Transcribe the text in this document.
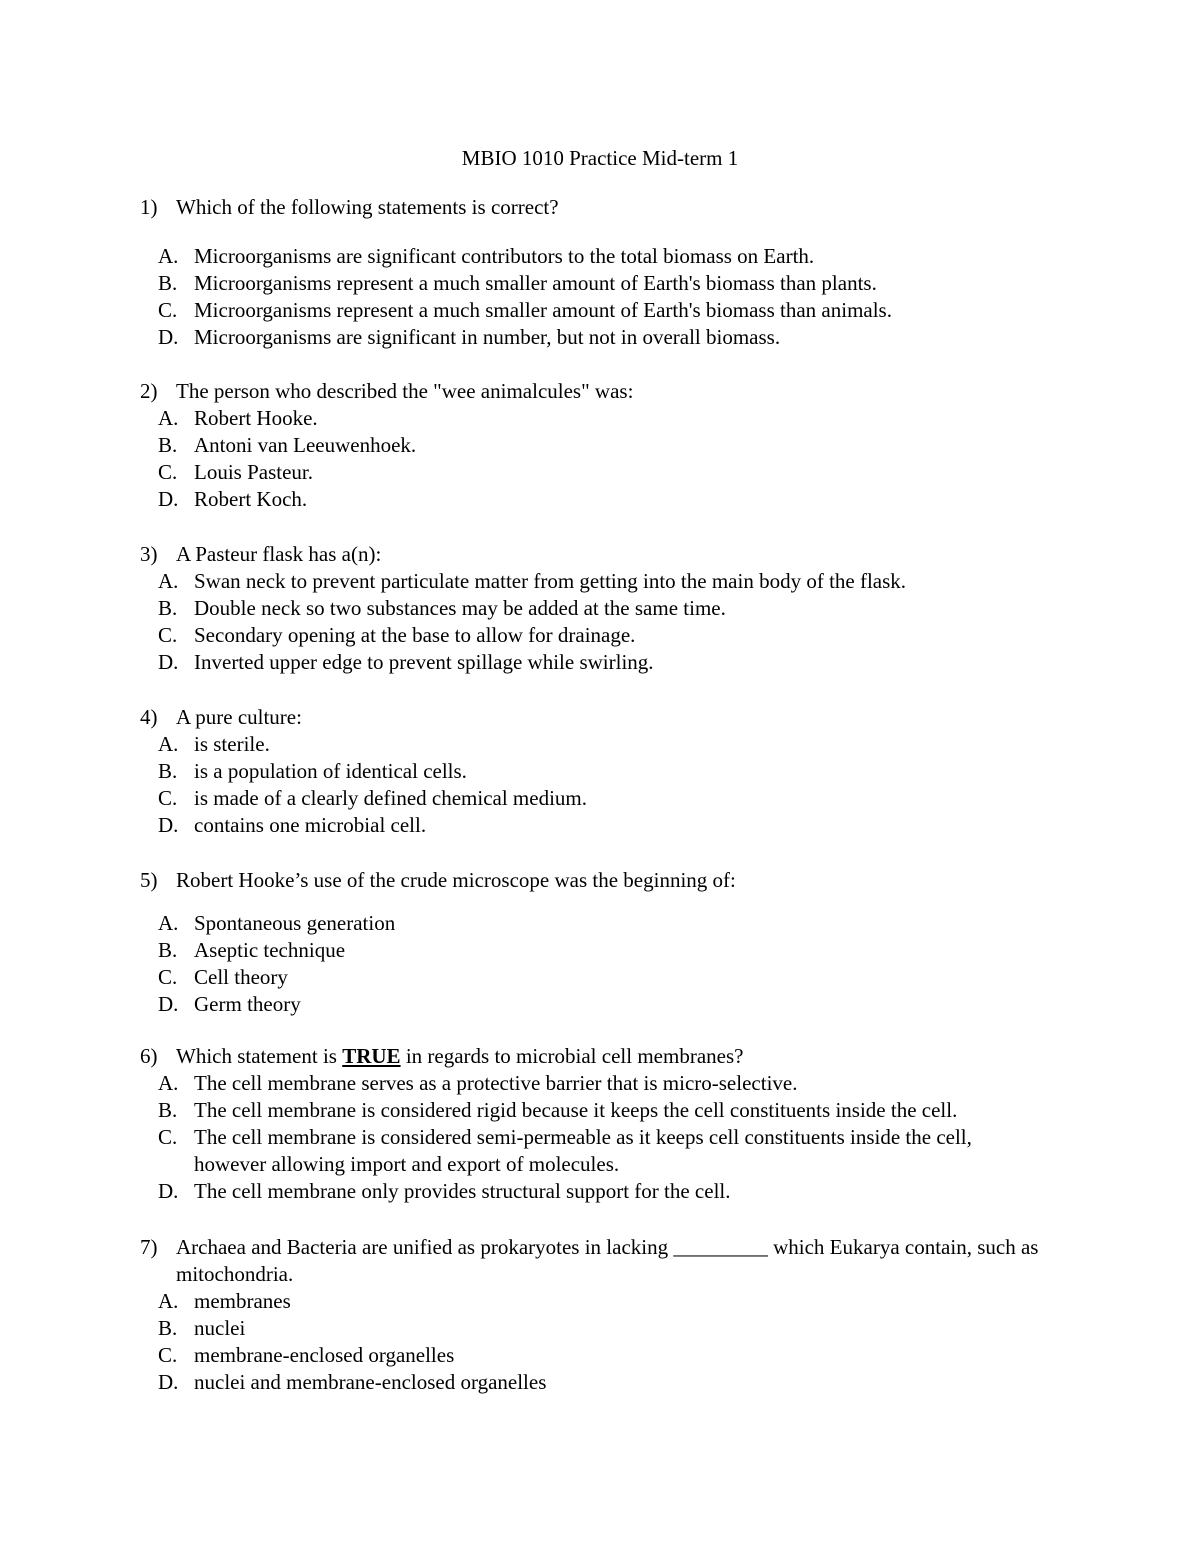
MBIO 1010 Practice Mid-term 1
1) Which of the following statements is correct?
A. Microorganisms are significant contributors to the total biomass on Earth.
B. Microorganisms represent a much smaller amount of Earth's biomass than plants.
C. Microorganisms represent a much smaller amount of Earth's biomass than animals.
D. Microorganisms are significant in number, but not in overall biomass.
2) The person who described the "wee animalcules" was:
A. Robert Hooke.
B. Antoni van Leeuwenhoek.
C. Louis Pasteur.
D. Robert Koch.
3) A Pasteur flask has a(n):
A. Swan neck to prevent particulate matter from getting into the main body of the flask.
B. Double neck so two substances may be added at the same time.
C. Secondary opening at the base to allow for drainage.
D. Inverted upper edge to prevent spillage while swirling.
4) A pure culture:
A. is sterile.
B. is a population of identical cells.
C. is made of a clearly defined chemical medium.
D. contains one microbial cell.
5) Robert Hooke’s use of the crude microscope was the beginning of:
A. Spontaneous generation
B. Aseptic technique
C. Cell theory
D. Germ theory
6) Which statement is TRUE in regards to microbial cell membranes?
A. The cell membrane serves as a protective barrier that is micro-selective.
B. The cell membrane is considered rigid because it keeps the cell constituents inside the cell.
C. The cell membrane is considered semi-permeable as it keeps cell constituents inside the cell, however allowing import and export of molecules.
D. The cell membrane only provides structural support for the cell.
7) Archaea and Bacteria are unified as prokaryotes in lacking _________ which Eukarya contain, such as mitochondria.
A. membranes
B. nuclei
C. membrane-enclosed organelles
D. nuclei and membrane-enclosed organelles
